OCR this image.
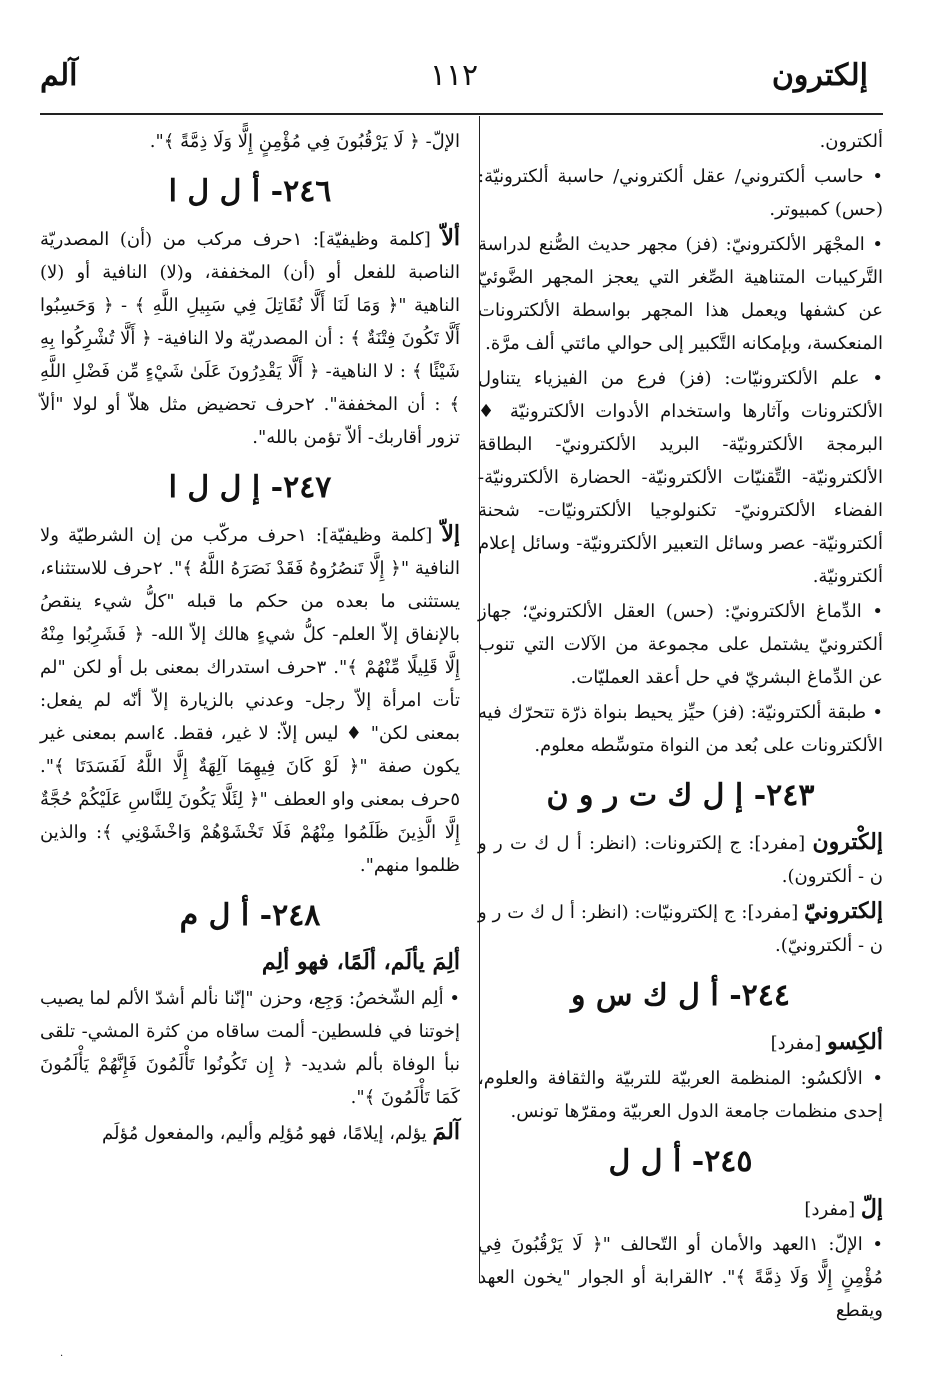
إلكترون
١١٢
آلم

ألكترون.

• حاسب ألكتروني/ عقل ألكتروني/ حاسبة ألكترونيّة: (حس) كمبيوتر.

• المجْهَر الألكترونيّ: (فز) مجهر حديث الصُّنع لدراسة التَّركيبات المتناهية الصِّغر التي يعجز المجهر الضَّوئيّ عن كشفها ويعمل هذا المجهر بواسطة الألكترونات المنعكسة، وبإمكانه التَّكبير إلى حوالي مائتي ألف مرَّة.

• علم الألكترونيّات: (فز) فرع من الفيزياء يتناول الألكترونات وآثارها واستخدام الأدوات الألكترونيّة ♦ البرمجة الألكترونيّة- البريد الألكترونيّ- البطاقة الألكترونيّة- التِّقنيّات الألكترونيّة- الحضارة الألكترونيّة- الفضاء الألكترونيّ- تكنولوجيا الألكترونيّات- شحنة ألكترونيّة- عصر وسائل التعبير الألكترونيّة- وسائل إعلام ألكترونيّة.

• الدِّماغ الألكترونيّ: (حس) العقل الألكترونيّ؛ جهاز ألكترونيّ يشتمل على مجموعة من الآلات التي تنوب عن الدِّماغ البشريّ في حل أعقد العمليّات.

• طبقة ألكترونيّة: (فز) حيِّز يحيط بنواة ذرّة تتحرّك فيه الألكترونات على بُعد من النواة متوسِّطه معلوم.

٢٤٣- إ ل ك ت ر و ن

إلكْترون [مفرد]: ج إلكترونات: (انظر: أ ل ك ت ر و ن - ألكترون).

إلكترونيّ [مفرد]: ج إلكترونيّات: (انظر: أ ل ك ت ر و ن - ألكترونيّ).

٢٤٤- أ ل ك س و

ألكِسو [مفرد]

• الألكسُو: المنظمة العربيّة للتربيّة والثقافة والعلوم، إحدى منظمات جامعة الدول العربيّة ومقرّها تونس.

٢٤٥- أ ل ل

إلّ [مفرد]

• الإلّ: ١العهد والأمان أو التّحالف "﴿ لَا يَرْقُبُونَ فِي مُؤْمِنٍ إِلًّا وَلَا ذِمَّةً ﴾". ٢القرابة أو الجوار "يخون العهد ويقطع

الإلّ- ﴿ لَا يَرْقُبُونَ فِي مُؤْمِنٍ إِلًّا وَلَا ذِمَّةً ﴾".

٢٤٦- أ ل ل ا

ألاّ [كلمة وظيفيّة]: ١حرف مركب من (أن) المصدريّة الناصبة للفعل أو (أن) المخففة، و(لا) النافية أو (لا) الناهية "﴿ وَمَا لَنَا أَلَّا نُقَاتِلَ فِي سَبِيلِ اللَّهِ ﴾ - ﴿ وَحَسِبُوا أَلَّا تَكُونَ فِتْنَةٌ ﴾ : أن المصدريّة ولا النافية- ﴿ أَلَّا تُشْرِكُوا بِهِ شَيْئًا ﴾ : لا الناهية- ﴿ أَلَّا يَقْدِرُونَ عَلَىٰ شَيْءٍ مِّن فَضْلِ اللَّهِ ﴾ : أن المخففة". ٢حرف تحضيض مثل هلاّ أو لولا "ألاّ تزور أقاربك- ألاّ تؤمن بالله".

٢٤٧- إ ل ل ا

إلاّ [كلمة وظيفيّة]: ١حرف مركّب من إن الشرطيّة ولا النافية "﴿ إِلَّا تَنصُرُوهُ فَقَدْ نَصَرَهُ اللَّهُ ﴾". ٢حرف للاستثناء، يستثنى ما بعده من حكم ما قبله "كلُّ شيء ينقصُ بالإنفاق إلاّ العلم- كلُّ شيءٍ هالك إلاّ الله- ﴿ فَشَرِبُوا مِنْهُ إِلَّا قَلِيلًا مِّنْهُمْ ﴾". ٣حرف استدراك بمعنى بل أو لكن "لم تأت امرأة إلاّ رجل- وعدني بالزيارة إلاّ أنّه لم يفعل: بمعنى لكن" ♦ ليس إلاّ: لا غير، فقط. ٤اسم بمعنى غير يكون صفة "﴿ لَوْ كَانَ فِيهِمَا آلِهَةٌ إِلَّا اللَّهُ لَفَسَدَتَا ﴾". ٥حرف بمعنى واو العطف "﴿ لِئَلَّا يَكُونَ لِلنَّاسِ عَلَيْكُمْ حُجَّةٌ إِلَّا الَّذِينَ ظَلَمُوا مِنْهُمْ فَلَا تَخْشَوْهُمْ وَاخْشَوْنِي ﴾: والذين ظلموا منهم".

٢٤٨- أ ل م

ألِمَ يألَم، ألَمًا، فهو ألِم

• ألِم الشّخصُ: وَجِع، وحزن "إنّنا نألم أشدّ الألم لما يصيب إخوتنا في فلسطين- ألمت ساقاه من كثرة المشي- تلقى نبأ الوفاة بألم شديد- ﴿ إِن تَكُونُوا تَأْلَمُونَ فَإِنَّهُمْ يَأْلَمُونَ كَمَا تَأْلَمُونَ ﴾".

آلمَ يؤلم، إيلامًا، فهو مُؤلِم وأليم، والمفعول مُؤلَم

.
